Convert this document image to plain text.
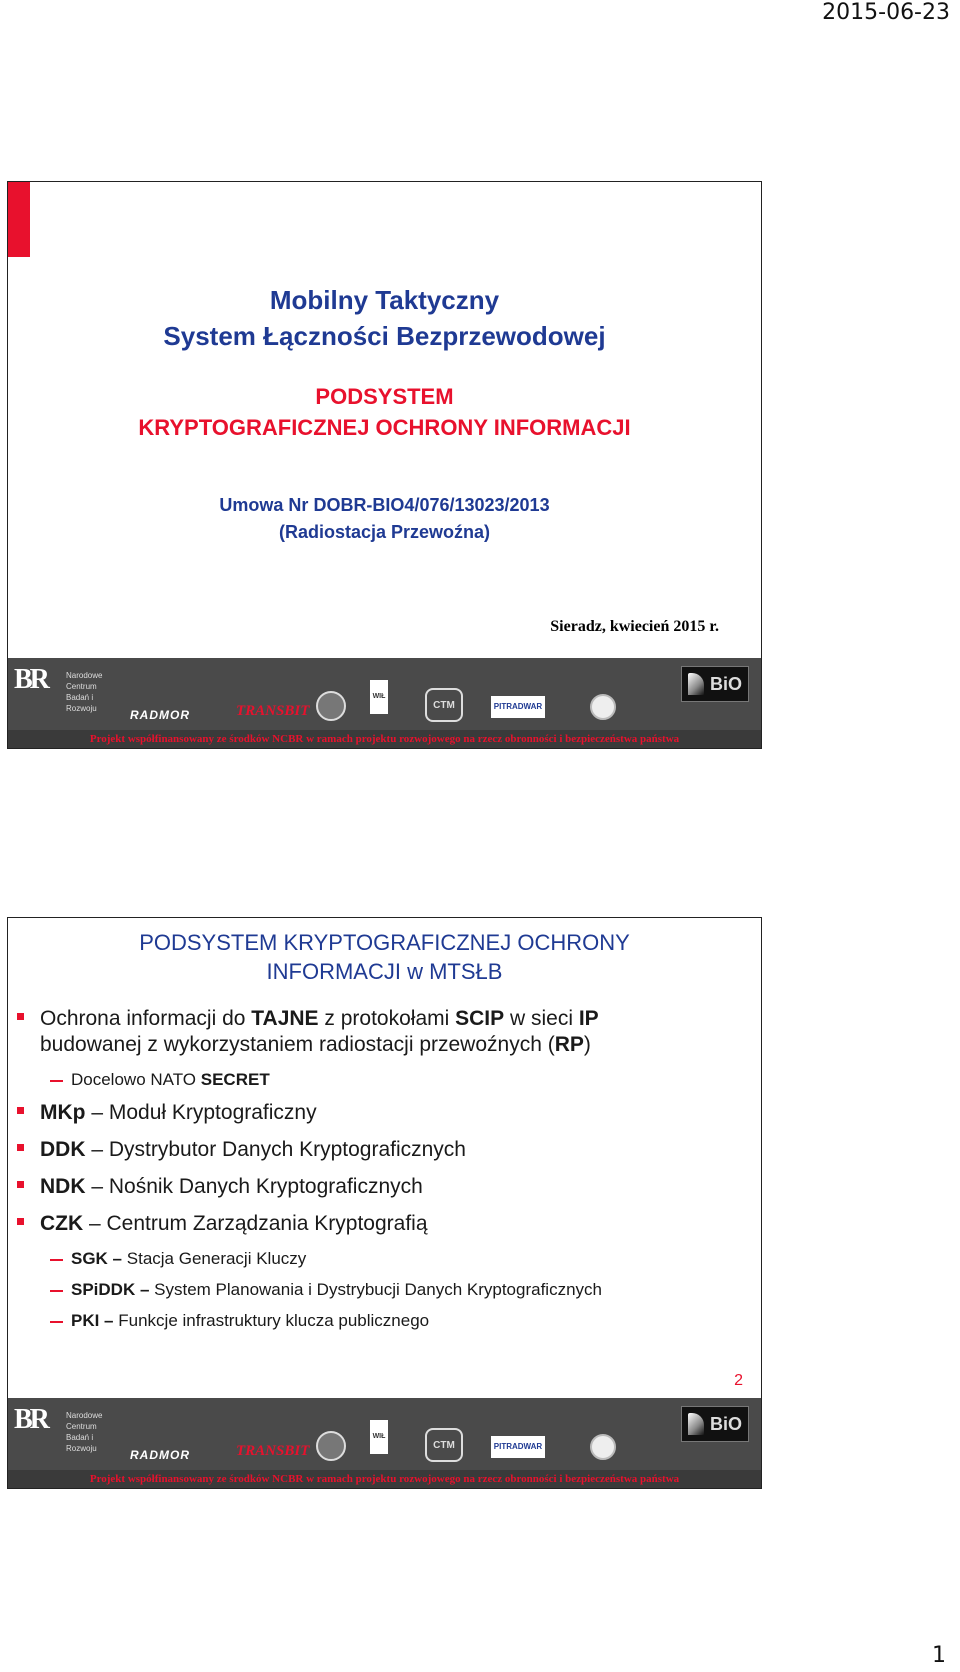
2015-06-23
Mobilny Taktyczny
System Łączności Bezprzewodowej
PODSYSTEM
KRYPTOGRAFICZNEJ OCHRONY INFORMACJI
Umowa Nr DOBR-BIO4/076/13023/2013
(Radiostacja Przewoźna)
Sieradz, kwiecień 2015 r.
BR Narodowe Centrum
Badań i Rozwoju	RADMOR	TRANSBIT
WIŁ
CTM	PITRADWAR
BiO
Projekt współfinansowany ze środków NCBR w ramach projektu rozwojowego na rzecz obronności i bezpieczeństwa państwa
PODSYSTEM KRYPTOGRAFICZNEJ OCHRONY
INFORMACJI w MTSŁB
Ochrona informacji do TAJNE z protokołami SCIP w sieci IP
budowanej z wykorzystaniem radiostacji przewoźnych (RP)
Docelowo NATO SECRET
MKp – Moduł Kryptograficzny
DDK – Dystrybutor Danych Kryptograficznych
NDK – Nośnik Danych Kryptograficznych
CZK – Centrum Zarządzania Kryptografią
SGK – Stacja Generacji Kluczy
SPiDDK – System Planowania i Dystrybucji Danych Kryptograficznych
PKI – Funkcje infrastruktury klucza publicznego
2
BR Narodowe Centrum
Badań i Rozwoju	RADMOR	TRANSBIT
WIŁ
CTM	PITRADWAR
BiO
Projekt współfinansowany ze środków NCBR w ramach projektu rozwojowego na rzecz obronności i bezpieczeństwa państwa
1
